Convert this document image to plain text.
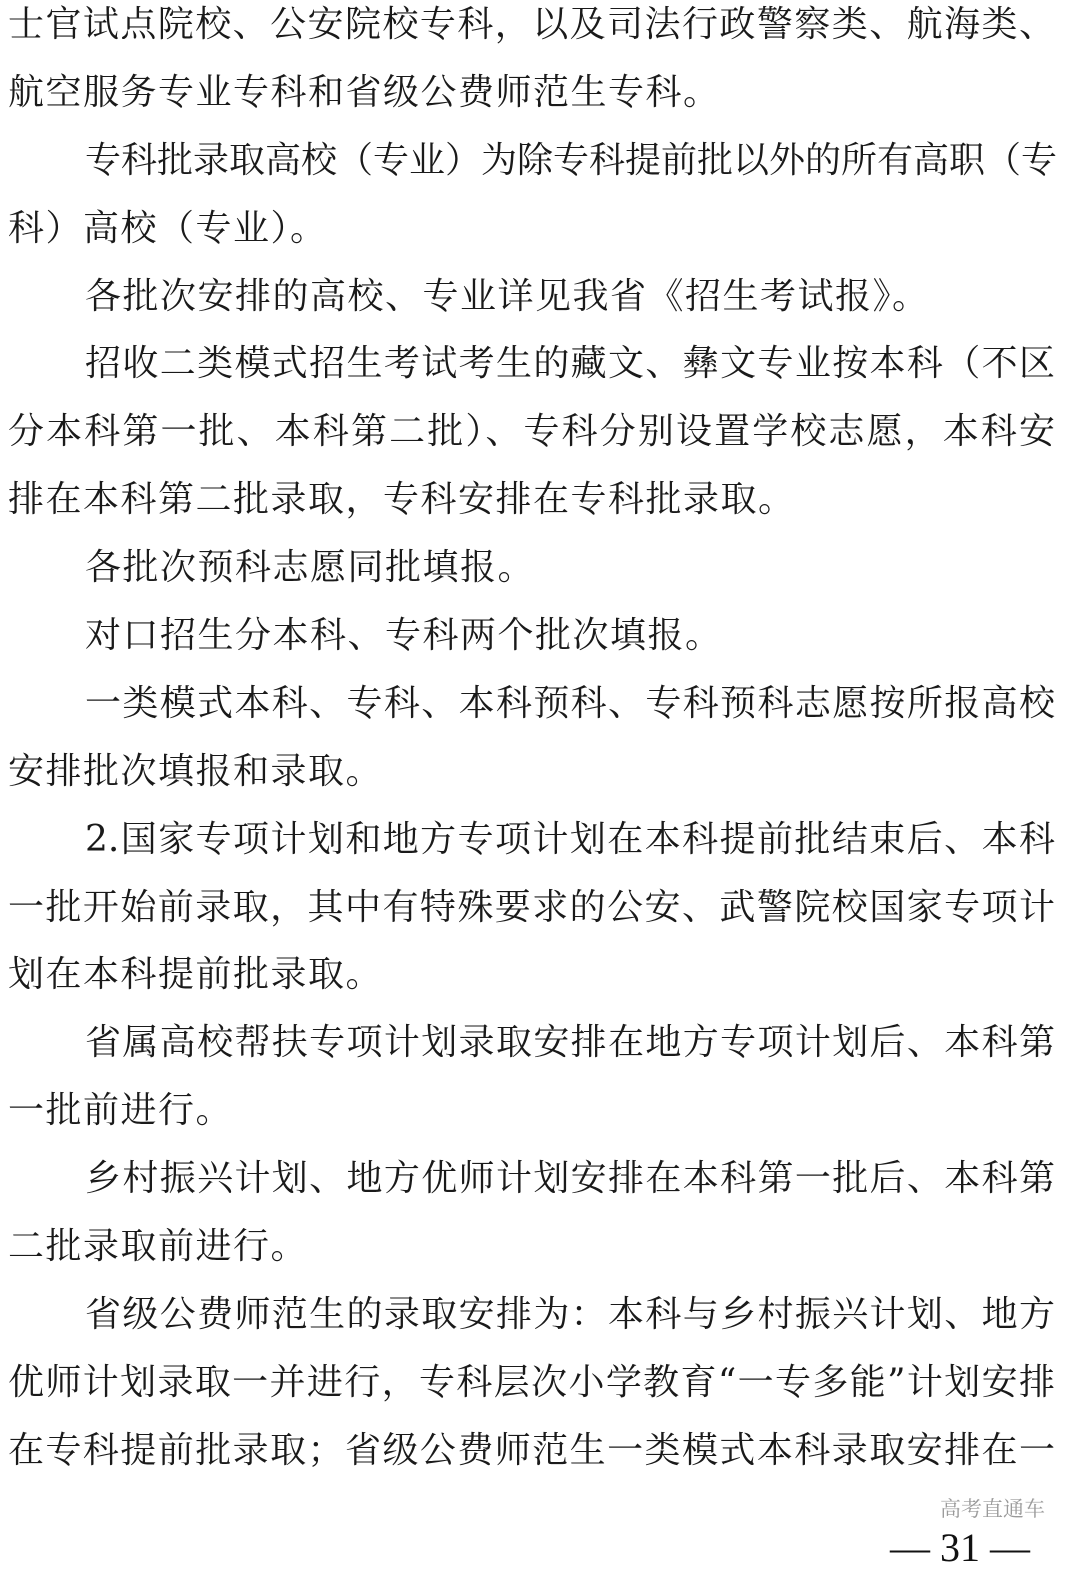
士官试点院校、公安院校专科，以及司法行政警察类、航海类、
航空服务专业专科和省级公费师范生专科。
专科批录取高校（专业）为除专科提前批以外的所有高职（专
科）高校（专业）。
各批次安排的高校、专业详见我省《招生考试报》。
招收二类模式招生考试考生的藏文、彝文专业按本科（不区
分本科第一批、本科第二批）、专科分别设置学校志愿，本科安
排在本科第二批录取，专科安排在专科批录取。
各批次预科志愿同批填报。
对口招生分本科、专科两个批次填报。
一类模式本科、专科、本科预科、专科预科志愿按所报高校
安排批次填报和录取。
2.国家专项计划和地方专项计划在本科提前批结束后、本科
一批开始前录取，其中有特殊要求的公安、武警院校国家专项计
划在本科提前批录取。
省属高校帮扶专项计划录取安排在地方专项计划后、本科第
一批前进行。
乡村振兴计划、地方优师计划安排在本科第一批后、本科第
二批录取前进行。
省级公费师范生的录取安排为：本科与乡村振兴计划、地方
优师计划录取一并进行，专科层次小学教育“一专多能”计划安排
在专科提前批录取；省级公费师范生一类模式本科录取安排在一
高考直通车
— 31 —
